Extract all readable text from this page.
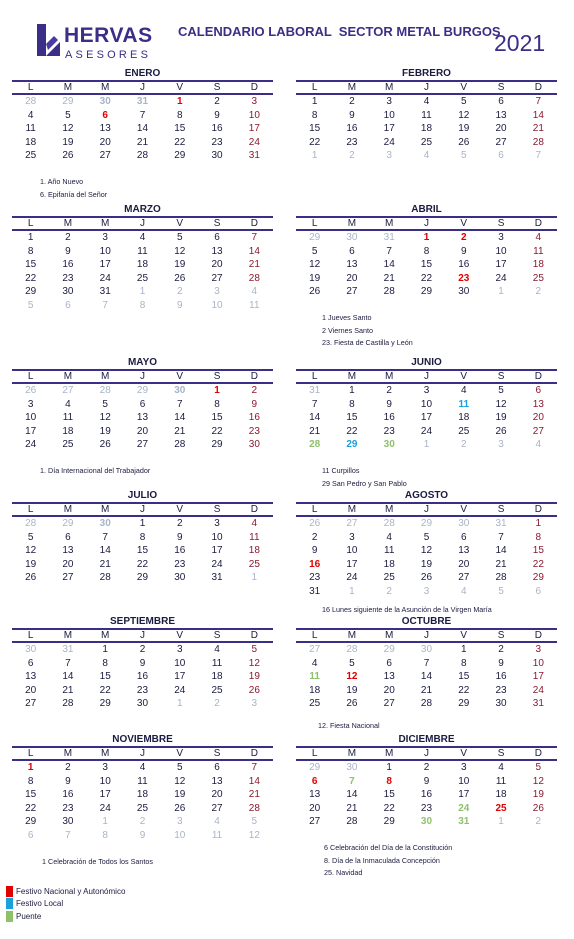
HERVAS
ASESORES
CALENDARIO LABORAL  SECTOR METAL BURGOS
2021
ENERO
L	M	M	J	V	S	D
28	29	30	31	1	2	3
4	5	6	7	8	9	10
11	12	13	14	15	16	17
18	19	20	21	22	23	24
25	26	27	28	29	30	31
1. Año Nuevo
6. Epifanía del Señor
FEBRERO
L	M	M	J	V	S	D
1	2	3	4	5	6	7
8	9	10	11	12	13	14
15	16	17	18	19	20	21
22	23	24	25	26	27	28
1	2	3	4	5	6	7
MARZO
L	M	M	J	V	S	D
1	2	3	4	5	6	7
8	9	10	11	12	13	14
15	16	17	18	19	20	21
22	23	24	25	26	27	28
29	30	31	1	2	3	4
5	6	7	8	9	10	11
ABRIL
L	M	M	J	V	S	D
29	30	31	1	2	3	4
5	6	7	8	9	10	11
12	13	14	15	16	17	18
19	20	21	22	23	24	25
26	27	28	29	30	1	2
1 Jueves Santo
2 Viernes Santo
23. Fiesta de Castilla y León
MAYO
L	M	M	J	V	S	D
26	27	28	29	30	1	2
3	4	5	6	7	8	9
10	11	12	13	14	15	16
17	18	19	20	21	22	23
24	25	26	27	28	29	30
1. Día Internacional del Trabajador
JUNIO
L	M	M	J	V	S	D
31	1	2	3	4	5	6
7	8	9	10	11	12	13
14	15	16	17	18	19	20
21	22	23	24	25	26	27
28	29	30	1	2	3	4
11 Curpillos
29 San Pedro y San Pablo
JULIO
L	M	M	J	V	S	D
28	29	30	1	2	3	4
5	6	7	8	9	10	11
12	13	14	15	16	17	18
19	20	21	22	23	24	25
26	27	28	29	30	31	1
AGOSTO
L	M	M	J	V	S	D
26	27	28	29	30	31	1
2	3	4	5	6	7	8
9	10	11	12	13	14	15
16	17	18	19	20	21	22
23	24	25	26	27	28	29
31	1	2	3	4	5	6
16 Lunes siguiente de la Asunción de la Virgen María
SEPTIEMBRE
L	M	M	J	V	S	D
30	31	1	2	3	4	5
6	7	8	9	10	11	12
13	14	15	16	17	18	19
20	21	22	23	24	25	26
27	28	29	30	1	2	3
OCTUBRE
L	M	M	J	V	S	D
27	28	29	30	1	2	3
4	5	6	7	8	9	10
11	12	13	14	15	16	17
18	19	20	21	22	23	24
25	26	27	28	29	30	31
12. Fiesta Nacional
NOVIEMBRE
L	M	M	J	V	S	D
1	2	3	4	5	6	7
8	9	10	11	12	13	14
15	16	17	18	19	20	21
22	23	24	25	26	27	28
29	30	1	2	3	4	5
6	7	8	9	10	11	12
1 Celebración de Todos los Santos
DICIEMBRE
L	M	M	J	V	S	D
29	30	1	2	3	4	5
6	7	8	9	10	11	12
13	14	15	16	17	18	19
20	21	22	23	24	25	26
27	28	29	30	31	1	2
6 Celebración del Día de la Constitución
8. Día de la Inmaculada Concepción
25. Navidad
Festivo Nacional y Autonómico
Festivo Local
Puente
